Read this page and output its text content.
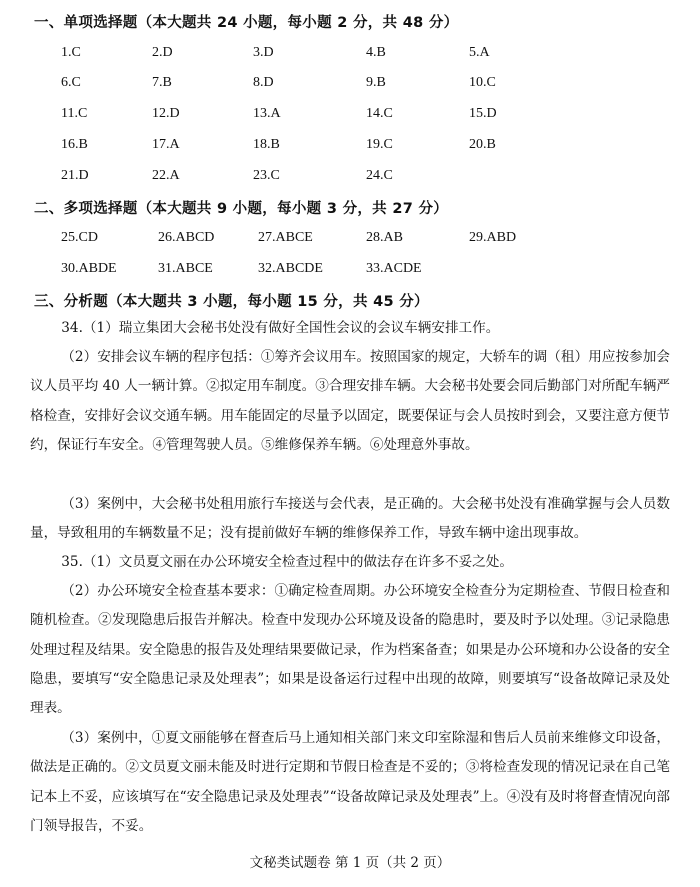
一、单项选择题（本大题共 24 小题，每小题 2 分，共 48 分）
1.C	2.D	3.D	4.B	5.A
6.C	7.B	8.D	9.B	10.C
11.C	12.D	13.A	14.C	15.D
16.B	17.A	18.B	19.C	20.B
21.D	22.A	23.C	24.C
二、多项选择题（本大题共 9 小题，每小题 3 分，共 27 分）
25.CD	26.ABCD	27.ABCE	28.AB	29.ABD
30.ABDE	31.ABCE	32.ABCDE	33.ACDE
三、分析题（本大题共 3 小题，每小题 15 分，共 45 分）

34.（1）瑞立集团大会秘书处没有做好全国性会议的会议车辆安排工作。

（2）安排会议车辆的程序包括：①筹齐会议用车。按照国家的规定，大轿车的调（租）用应按参加会议人员平均 40 人一辆计算。②拟定用车制度。③合理安排车辆。大会秘书处要会同后勤部门对所配车辆严格检查，安排好会议交通车辆。用车能固定的尽量予以固定，既要保证与会人员按时到会，又要注意方便节约，保证行车安全。④管理驾驶人员。⑤维修保养车辆。⑥处理意外事故。

（3）案例中，大会秘书处租用旅行车接送与会代表，是正确的。大会秘书处没有准确掌握与会人员数量，导致租用的车辆数量不足；没有提前做好车辆的维修保养工作，导致车辆中途出现事故。

35.（1）文员夏文丽在办公环境安全检查过程中的做法存在许多不妥之处。

（2）办公环境安全检查基本要求：①确定检查周期。办公环境安全检查分为定期检查、节假日检查和随机检查。②发现隐患后报告并解决。检查中发现办公环境及设备的隐患时，要及时予以处理。③记录隐患处理过程及结果。安全隐患的报告及处理结果要做记录，作为档案备查；如果是办公环境和办公设备的安全隐患，要填写“安全隐患记录及处理表”；如果是设备运行过程中出现的故障，则要填写“设备故障记录及处理表。

（3）案例中，①夏文丽能够在督查后马上通知相关部门来文印室除湿和售后人员前来维修文印设备，做法是正确的。②文员夏文丽未能及时进行定期和节假日检查是不妥的；③将检查发现的情况记录在自己笔记本上不妥，应该填写在“安全隐患记录及处理表”“设备故障记录及处理表”上。④没有及时将督查情况向部门领导报告，不妥。

文秘类试题卷 第 1 页（共 2 页）
